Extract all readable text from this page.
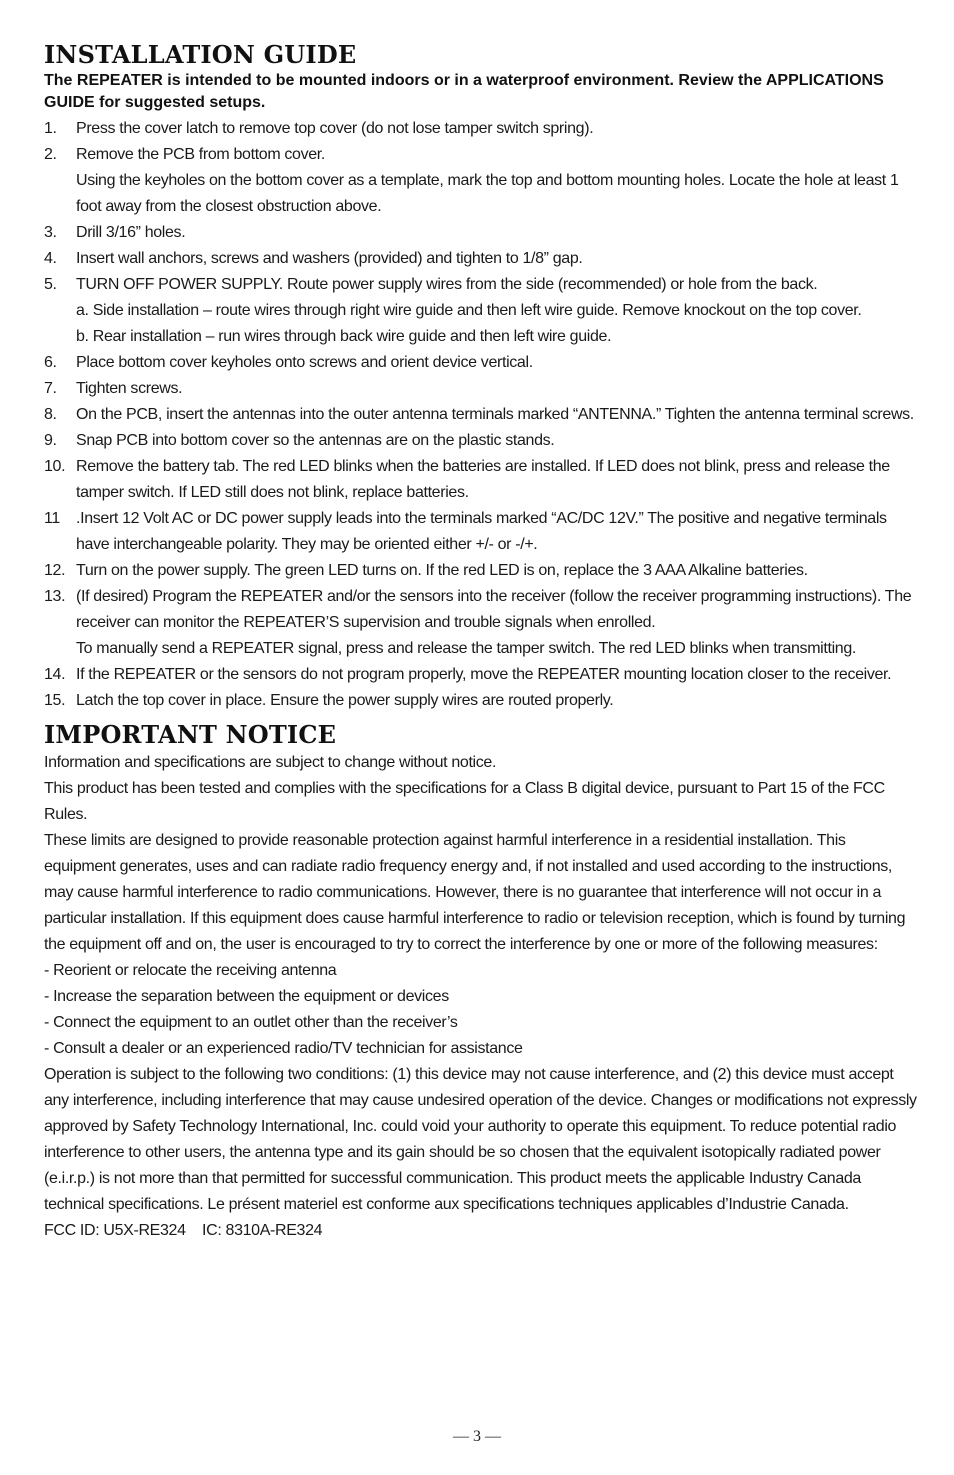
INSTALLATION GUIDE

The REPEATER is intended to be mounted indoors or in a waterproof environment. Review the APPLICATIONS GUIDE for suggested setups.

1.	Press the cover latch to remove top cover (do not lose tamper switch spring).
2.	Remove the PCB from bottom cover.
Using the keyholes on the bottom cover as a template, mark the top and bottom mounting holes. Locate the hole at least 1 foot away from the closest obstruction above.
3.	Drill 3/16” holes.
4.	Insert wall anchors, screws and washers (provided) and tighten to 1/8” gap.
5.	TURN OFF POWER SUPPLY. Route power supply wires from the side (recommended) or hole from the back.
a. Side installation – route wires through right wire guide and then left wire guide. Remove knockout on the top cover.
b. Rear installation – run wires through back wire guide and then left wire guide.
6.	Place bottom cover keyholes onto screws and orient device vertical.
7.	Tighten screws.
8.	On the PCB, insert the antennas into the outer antenna terminals marked “ANTENNA.” Tighten the antenna terminal screws.
9.	Snap PCB into bottom cover so the antennas are on the plastic stands.
10. Remove the battery tab. The red LED blinks when the batteries are installed. If LED does not blink, press and release the tamper switch. If LED still does not blink, replace batteries.
11	.Insert 12 Volt AC or DC power supply leads into the terminals marked “AC/DC 12V.” The positive and negative terminals have interchangeable polarity. They may be oriented either +/- or -/+.
12. Turn on the power supply. The green LED turns on. If the red LED is on, replace the 3 AAA Alkaline batteries.
13. (If desired) Program the REPEATER and/or the sensors into the receiver (follow the receiver programming instructions). The receiver can monitor the REPEATER’S supervision and trouble signals when enrolled.
To manually send a REPEATER signal, press and release the tamper switch. The red LED blinks when transmitting.
14. If the REPEATER or the sensors do not program properly, move the REPEATER mounting location closer to the receiver.
15. Latch the top cover in place. Ensure the power supply wires are routed properly.
IMPORTANT NOTICE

Information and specifications are subject to change without notice.

This product has been tested and complies with the specifications for a Class B digital device, pursuant to Part 15 of the FCC Rules.

These limits are designed to provide reasonable protection against harmful interference in a residential installation. This equipment generates, uses and can radiate radio frequency energy and, if not installed and used according to the instructions, may cause harmful interference to radio communications. However, there is no guarantee that interference will not occur in a particular installation. If this equipment does cause harmful interference to radio or television reception, which is found by turning the equipment off and on, the user is encouraged to try to correct the interference by one or more of the following measures:

- Reorient or relocate the receiving antenna

- Increase the separation between the equipment or devices

- Connect the equipment to an outlet other than the receiver’s

- Consult a dealer or an experienced radio/TV technician for assistance

Operation is subject to the following two conditions: (1) this device may not cause interference, and (2) this device must accept any interference, including interference that may cause undesired operation of the device. Changes or modifications not expressly approved by Safety Technology International, Inc. could void your authority to operate this equipment. To reduce potential radio interference to other users, the antenna type and its gain should be so chosen that the equivalent isotopically radiated power (e.i.r.p.) is not more than that permitted for successful communication. This product meets the applicable Industry Canada technical specifications. Le présent materiel est conforme aux specifications techniques applicables d’Industrie Canada.

FCC ID: U5X-RE324    IC: 8310A-RE324

— 3 —
